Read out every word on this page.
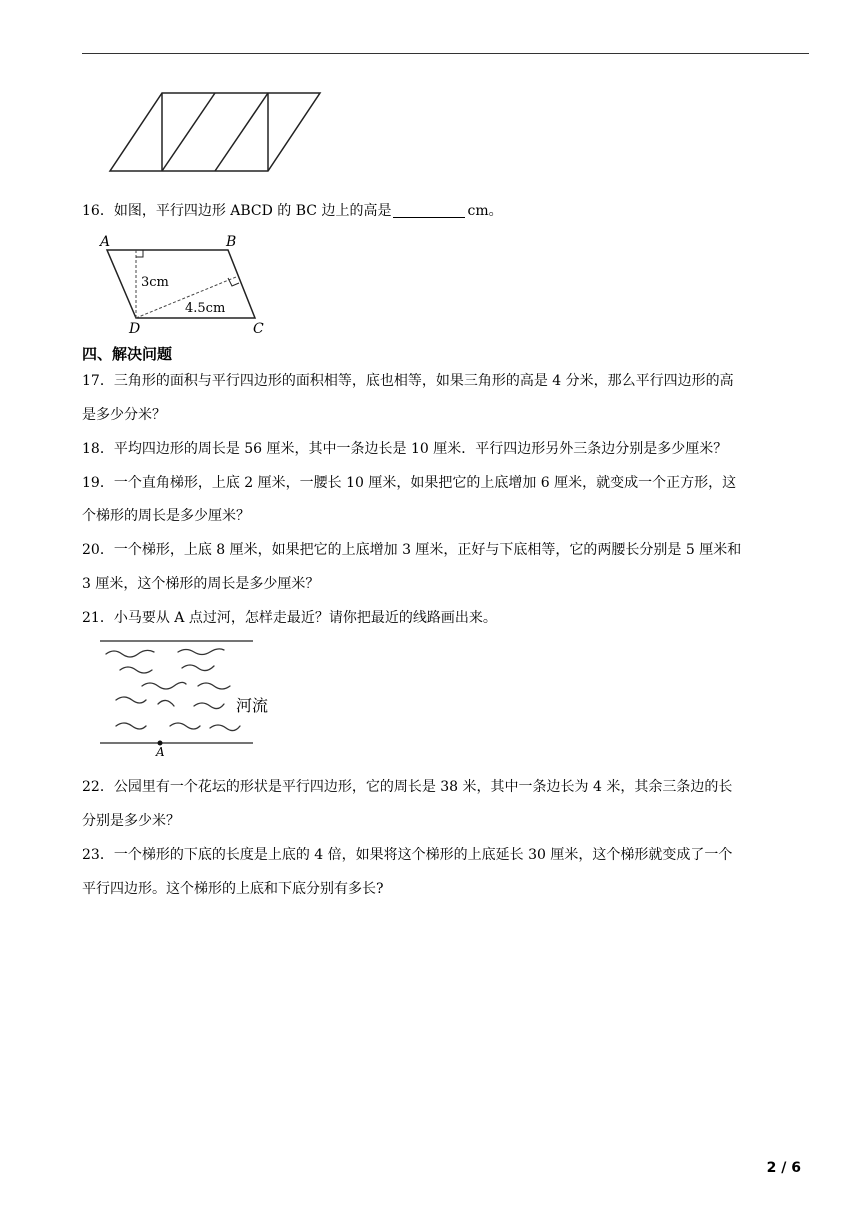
16．如图，平行四边形 ABCD 的 BC 边上的高是	cm。
A	B
C
D
3cm
4.5cm
四、解决问题
17．三角形的面积与平行四边形的面积相等，底也相等，如果三角形的高是 4 分米，那么平行四边形的高
是多少分米？
18．平均四边形的周长是 56 厘米，其中一条边长是 10 厘米．平行四边形另外三条边分别是多少厘米？
19．一个直角梯形，上底 2 厘米，一腰长 10 厘米，如果把它的上底增加 6 厘米，就变成一个正方形，这
个梯形的周长是多少厘米？
20．一个梯形，上底 8 厘米，如果把它的上底增加 3 厘米，正好与下底相等，它的两腰长分别是 5 厘米和
3 厘米，这个梯形的周长是多少厘米？
21．小马要从 A 点过河，怎样走最近？请你把最近的线路画出来。
河流
A
22．公园里有一个花坛的形状是平行四边形，它的周长是 38 米，其中一条边长为 4 米，其余三条边的长
分别是多少米？
23．一个梯形的下底的长度是上底的 4 倍，如果将这个梯形的上底延长 30 厘米，这个梯形就变成了一个
平行四边形。这个梯形的上底和下底分别有多长?
2 / 6
